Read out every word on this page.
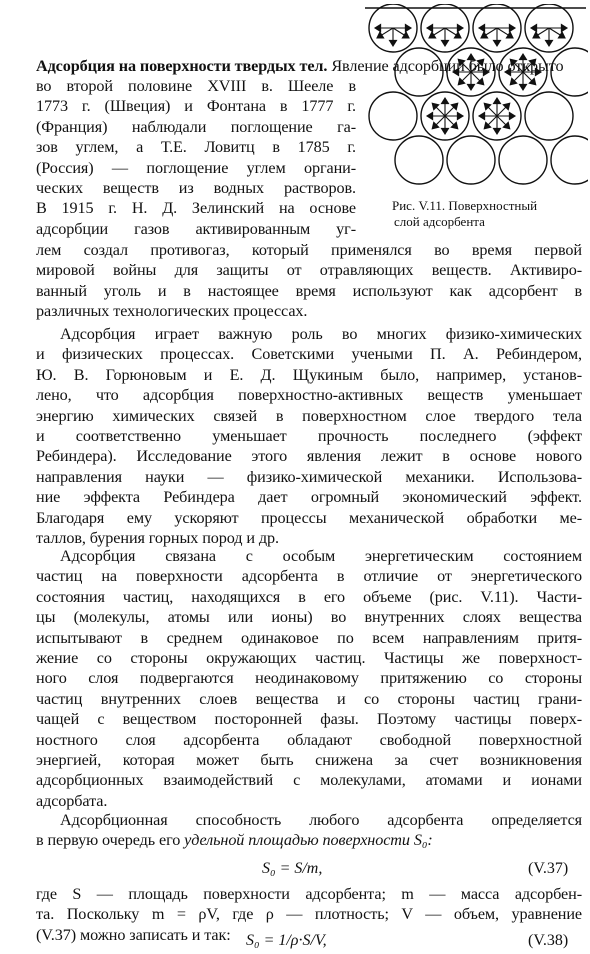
Рис. V.11. Поверхностный
слой адсорбента
Адсорбция на поверхности твердых тел. Явление адсорбции было открыто
во второй половине XVIII в. Шееле в
1773 г. (Швеция) и Фонтана в 1777 г.
(Франция) наблюдали поглощение га-
зов углем, а Т.Е. Ловитц в 1785 г.
(Россия) — поглощение углем органи-
ческих веществ из водных растворов.
В 1915 г. Н. Д. Зелинский на основе
адсорбции газов активированным уг-
лем создал противогаз, который применялся во время первой
мировой войны для защиты от отравляющих веществ. Активиро-
ванный уголь и в настоящее время используют как адсорбент в
различных технологических процессах.
Адсорбция играет важную роль во многих физико-химических
и физических процессах. Советскими учеными П. А. Ребиндером,
Ю. В. Горюновым и Е. Д. Щукиным было, например, установ-
лено, что адсорбция поверхностно-активных веществ уменьшает
энергию химических связей в поверхностном слое твердого тела
и соответственно уменьшает прочность последнего (эффект
Ребиндера). Исследование этого явления лежит в основе нового
направления науки — физико-химической механики. Использова-
ние эффекта Ребиндера дает огромный экономический эффект.
Благодаря ему ускоряют процессы механической обработки ме-
таллов, бурения горных пород и др.
Адсорбция связана с особым энергетическим состоянием
частиц на поверхности адсорбента в отличие от энергетического
состояния частиц, находящихся в его объеме (рис. V.11). Части-
цы (молекулы, атомы или ионы) во внутренних слоях вещества
испытывают в среднем одинаковое по всем направлениям притя-
жение со стороны окружающих частиц. Частицы же поверхност-
ного слоя подвергаются неодинаковому притяжению со стороны
частиц внутренних слоев вещества и со стороны частиц грани-
чащей с веществом посторонней фазы. Поэтому частицы поверх-
ностного слоя адсорбента обладают свободной поверхностной
энергией, которая может быть снижена за счет возникновения
адсорбционных взаимодействий с молекулами, атомами и ионами
адсорбата.
Адсорбционная способность любого адсорбента определяется
в первую очередь его удельной площадью поверхности S₀:
S₀ = S/m,	(V.37)
где S — площадь поверхности адсорбента; m — масса адсорбен-
та. Поскольку m = ρV, где ρ — плотность; V — объем, уравнение
(V.37) можно записать и так: S₀ = 1/ρ·S/V,	(V.38)
